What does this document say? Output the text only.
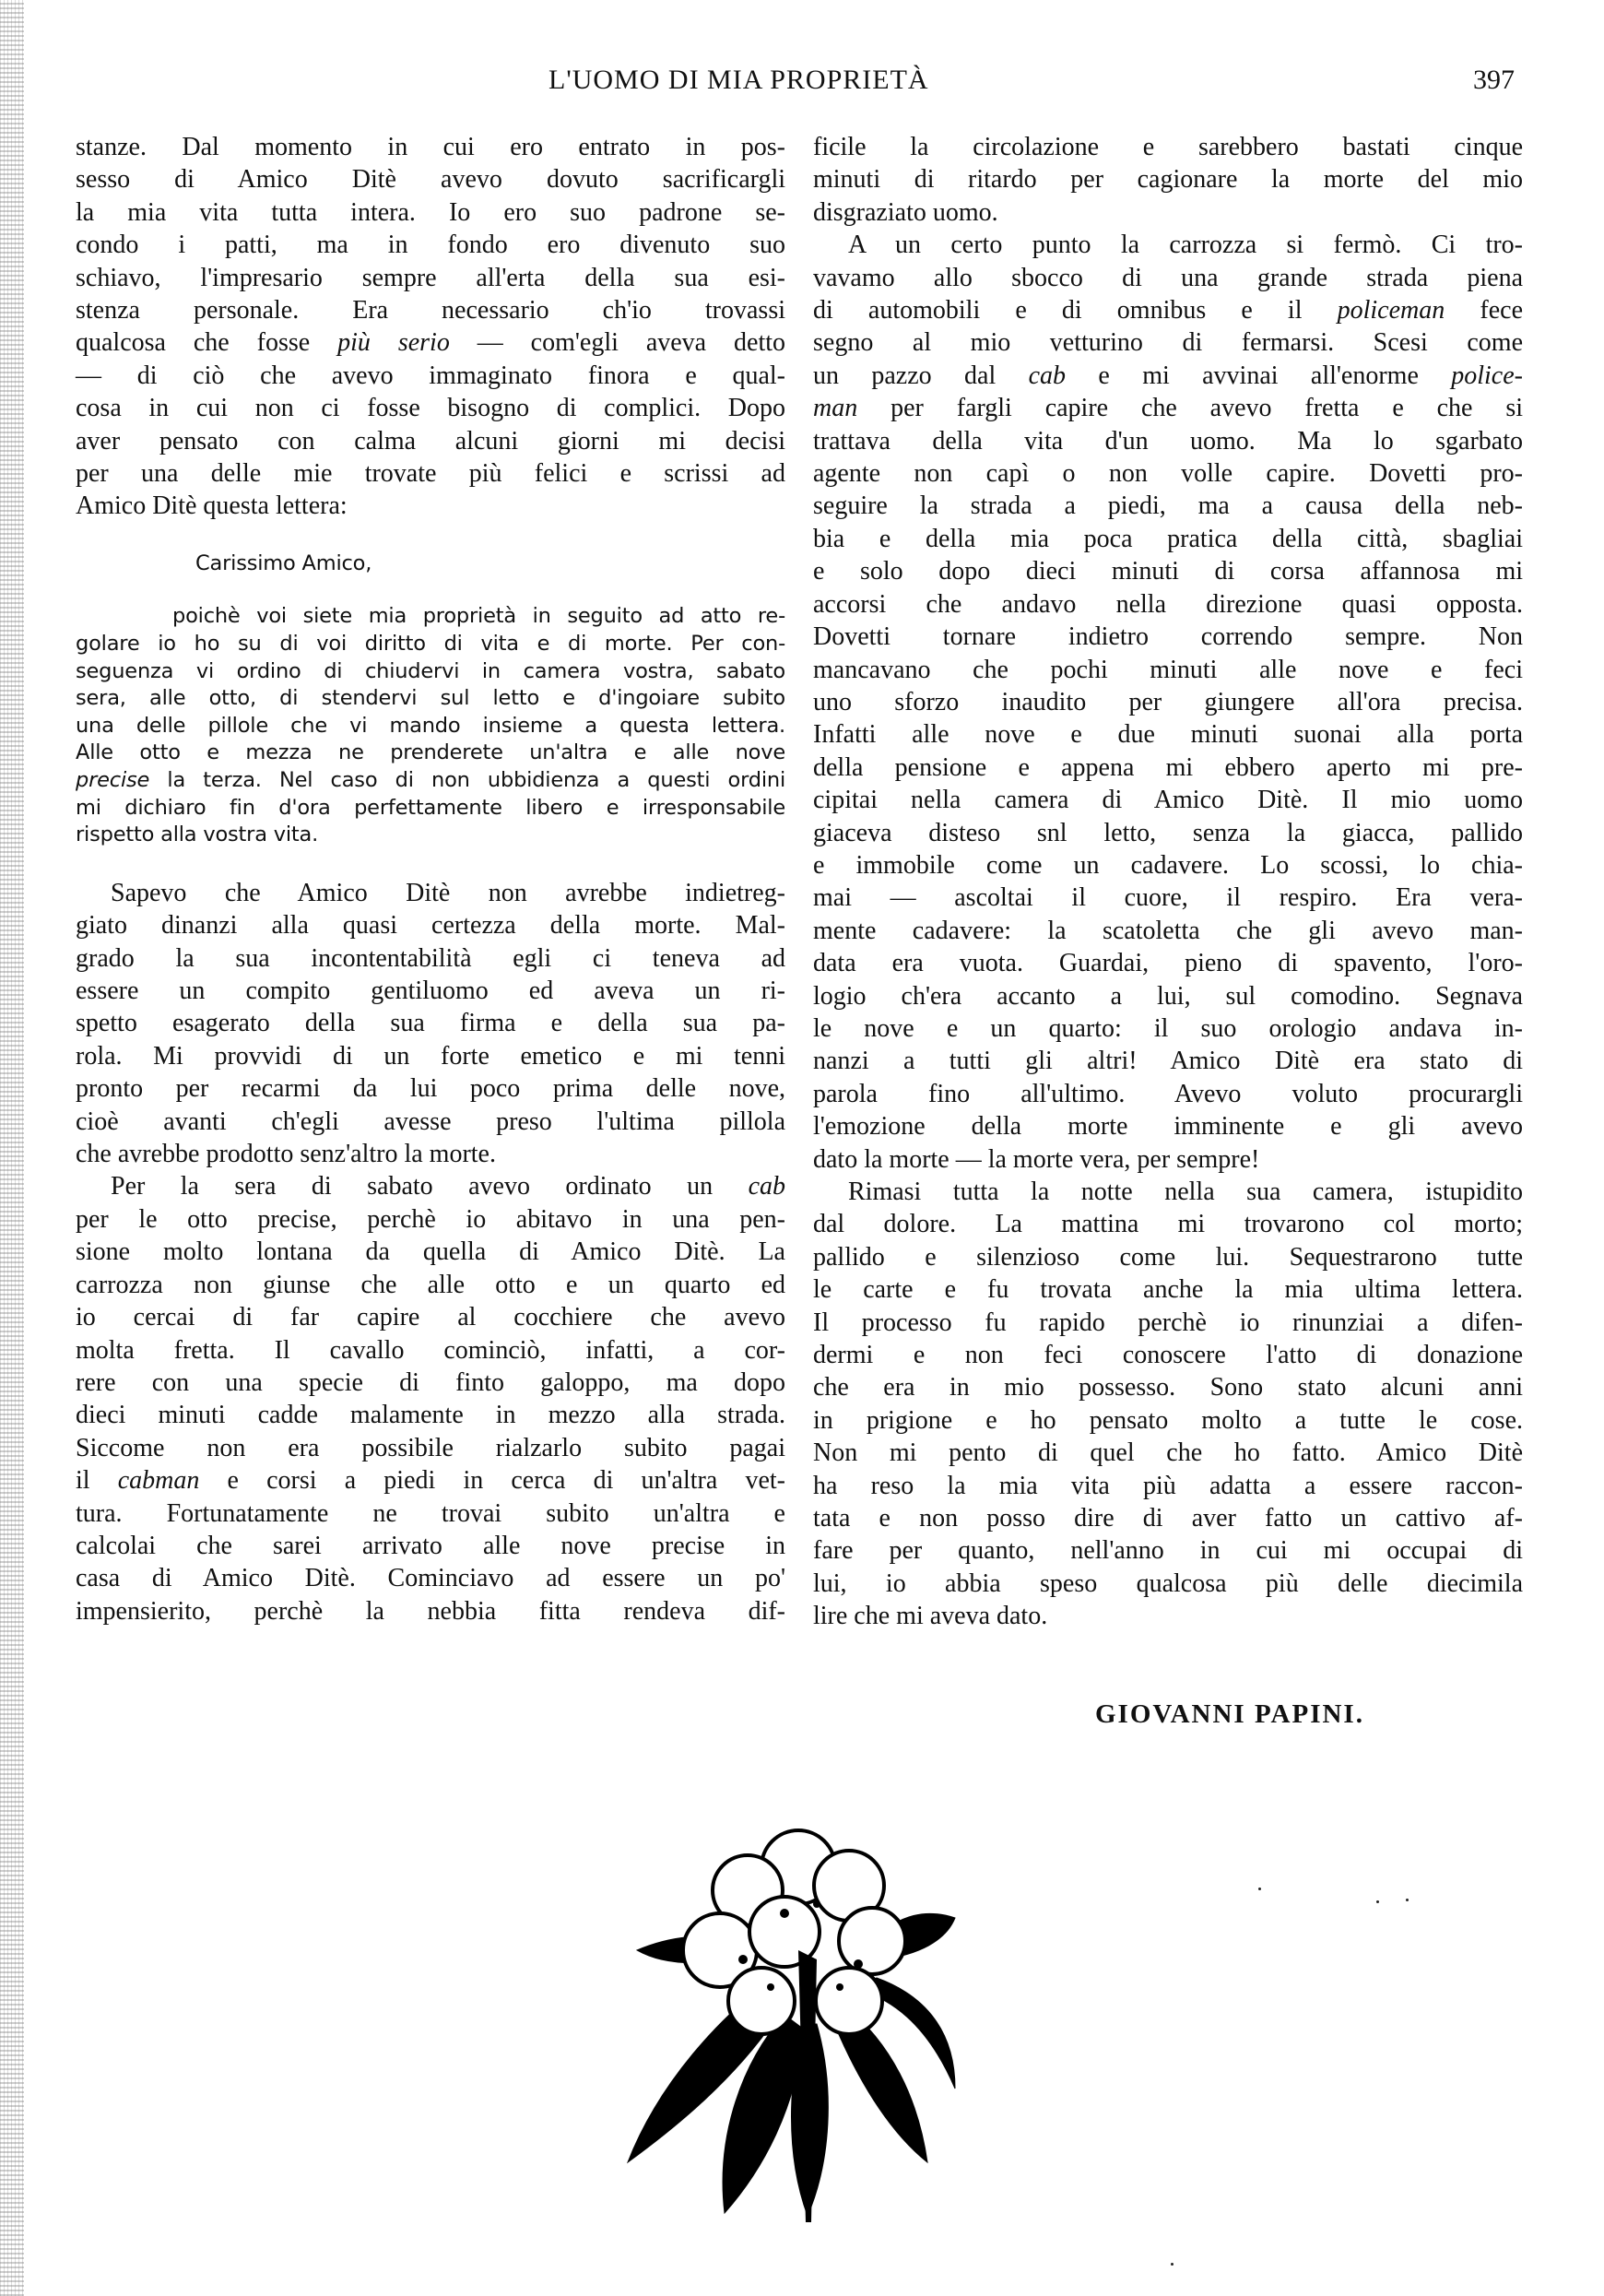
L'UOMO DI MIA PROPRIETÀ	397
stanze. Dal momento in cui ero entrato in pos-
sesso di Amico Ditè avevo dovuto sacrificargli
la mia vita tutta intera. Io ero suo padrone se-
condo i patti, ma in fondo ero divenuto suo
schiavo, l'impresario sempre all'erta della sua esi-
stenza personale. Era necessario ch'io trovassi
qualcosa che fosse più serio — com'egli aveva detto
— di ciò che avevo immaginato finora e qual-
cosa in cui non ci fosse bisogno di complici. Dopo
aver pensato con calma alcuni giorni mi decisi
per una delle mie trovate più felici e scrissi ad
Amico Ditè questa lettera:
Carissimo Amico,
poichè voi siete mia proprietà in seguito ad atto re-
golare io ho su di voi diritto di vita e di morte. Per con-
seguenza vi ordino di chiudervi in camera vostra, sabato
sera, alle otto, di stendervi sul letto e d'ingoiare subito
una delle pillole che vi mando insieme a questa lettera.
Alle otto e mezza ne prenderete un'altra e alle nove
precise la terza. Nel caso di non ubbidienza a questi ordini
mi dichiaro fin d'ora perfettamente libero e irresponsabile
rispetto alla vostra vita.
Sapevo che Amico Ditè non avrebbe indietreg-
giato dinanzi alla quasi certezza della morte. Mal-
grado la sua incontentabilità egli ci teneva ad
essere un compito gentiluomo ed aveva un ri-
spetto esagerato della sua firma e della sua pa-
rola. Mi provvidi di un forte emetico e mi tenni
pronto per recarmi da lui poco prima delle nove,
cioè avanti ch'egli avesse preso l'ultima pillola
che avrebbe prodotto senz'altro la morte.
Per la sera di sabato avevo ordinato un cab
per le otto precise, perchè io abitavo in una pen-
sione molto lontana da quella di Amico Ditè. La
carrozza non giunse che alle otto e un quarto ed
io cercai di far capire al cocchiere che avevo
molta fretta. Il cavallo cominciò, infatti, a cor-
rere con una specie di finto galoppo, ma dopo
dieci minuti cadde malamente in mezzo alla strada.
Siccome non era possibile rialzarlo subito pagai
il cabman e corsi a piedi in cerca di un'altra vet-
tura. Fortunatamente ne trovai subito un'altra e
calcolai che sarei arrivato alle nove precise in
casa di Amico Ditè. Cominciavo ad essere un po'
impensierito, perchè la nebbia fitta rendeva dif-
ficile la circolazione e sarebbero bastati cinque
minuti di ritardo per cagionare la morte del mio
disgraziato uomo.
A un certo punto la carrozza si fermò. Ci tro-
vavamo allo sbocco di una grande strada piena
di automobili e di omnibus e il policeman fece
segno al mio vetturino di fermarsi. Scesi come
un pazzo dal cab e mi avvinai all'enorme police-
man per fargli capire che avevo fretta e che si
trattava della vita d'un uomo. Ma lo sgarbato
agente non capì o non volle capire. Dovetti pro-
seguire la strada a piedi, ma a causa della neb-
bia e della mia poca pratica della città, sbagliai
e solo dopo dieci minuti di corsa affannosa mi
accorsi che andavo nella direzione quasi opposta.
Dovetti tornare indietro correndo sempre. Non
mancavano che pochi minuti alle nove e feci
uno sforzo inaudito per giungere all'ora precisa.
Infatti alle nove e due minuti suonai alla porta
della pensione e appena mi ebbero aperto mi pre-
cipitai nella camera di Amico Ditè. Il mio uomo
giaceva disteso snl letto, senza la giacca, pallido
e immobile come un cadavere. Lo scossi, lo chia-
mai — ascoltai il cuore, il respiro. Era vera-
mente cadavere: la scatoletta che gli avevo man-
data era vuota. Guardai, pieno di spavento, l'oro-
logio ch'era accanto a lui, sul comodino. Segnava
le nove e un quarto: il suo orologio andava in-
nanzi a tutti gli altri! Amico Ditè era stato di
parola fino all'ultimo. Avevo voluto procurargli
l'emozione della morte imminente e gli avevo
dato la morte — la morte vera, per sempre!
Rimasi tutta la notte nella sua camera, istupidito
dal dolore. La mattina mi trovarono col morto;
pallido e silenzioso come lui. Sequestrarono tutte
le carte e fu trovata anche la mia ultima lettera.
Il processo fu rapido perchè io rinunziai a difen-
dermi e non feci conoscere l'atto di donazione
che era in mio possesso. Sono stato alcuni anni
in prigione e ho pensato molto a tutte le cose.
Non mi pento di quel che ho fatto. Amico Ditè
ha reso la mia vita più adatta a essere raccon-
tata e non posso dire di aver fatto un cattivo af-
fare per quanto, nell'anno in cui mi occupai di
lui, io abbia speso qualcosa più delle diecimila
lire che mi aveva dato.
GIOVANNI PAPINI.
